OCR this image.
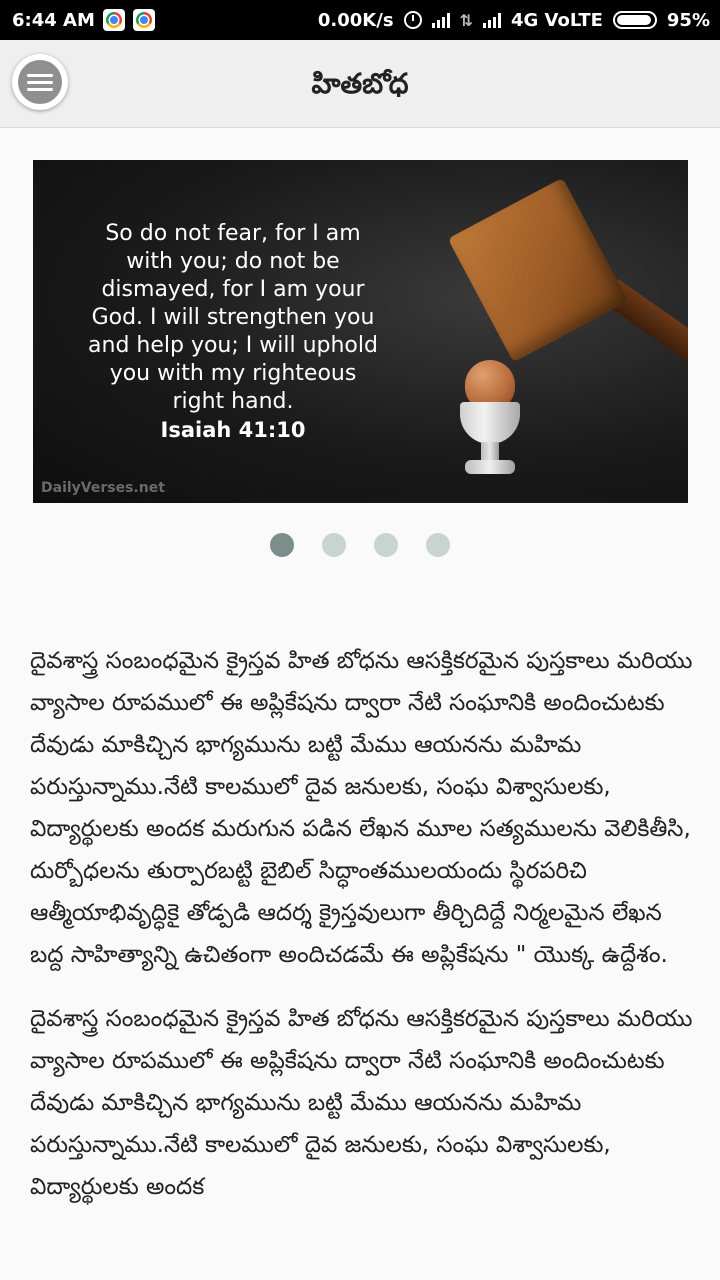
6:44 AM	0.00K/s	⇅ 4G VoLTE	95%
హితబోధ
So do not fear, for I am with you; do not be dismayed, for I am your God. I will strengthen you and help you; I will uphold you with my righteous right hand.
Isaiah 41:10
DailyVerses.net

దైవశాస్త్ర సంబంధమైన క్రైస్తవ హిత బోధను ఆసక్తికరమైన పుస్తకాలు మరియు వ్యాసాల రూపములో ఈ అప్లికేషను ద్వారా నేటి సంఘానికి అందించుటకు దేవుడు మాకిచ్చిన భాగ్యమును బట్టి మేము ఆయనను మహిమ పరుస్తున్నాము.నేటి కాలములో దైవ జనులకు, సంఘ విశ్వాసులకు, విద్యార్థులకు అందక మరుగున పడిన లేఖన మూల సత్యములను వెలికితీసి, దుర్బోధలను తుర్పారబట్టి బైబిల్ సిద్ధాంతములయందు స్థిరపరిచి ఆత్మీయాభివృద్ధికై తోడ్పడి ఆదర్శ క్రైస్తవులుగా తీర్చిదిద్దే నిర్మలమైన లేఖన బద్ద సాహిత్యాన్ని ఉచితంగా అందిచడమే ఈ అప్లికేషను " యొక్క ఉద్దేశం.

దైవశాస్త్ర సంబంధమైన క్రైస్తవ హిత బోధను ఆసక్తికరమైన పుస్తకాలు మరియు వ్యాసాల రూపములో ఈ అప్లికేషను ద్వారా నేటి సంఘానికి అందించుటకు దేవుడు మాకిచ్చిన భాగ్యమును బట్టి మేము ఆయనను మహిమ పరుస్తున్నాము.నేటి కాలములో దైవ జనులకు, సంఘ విశ్వాసులకు, విద్యార్థులకు అందక
